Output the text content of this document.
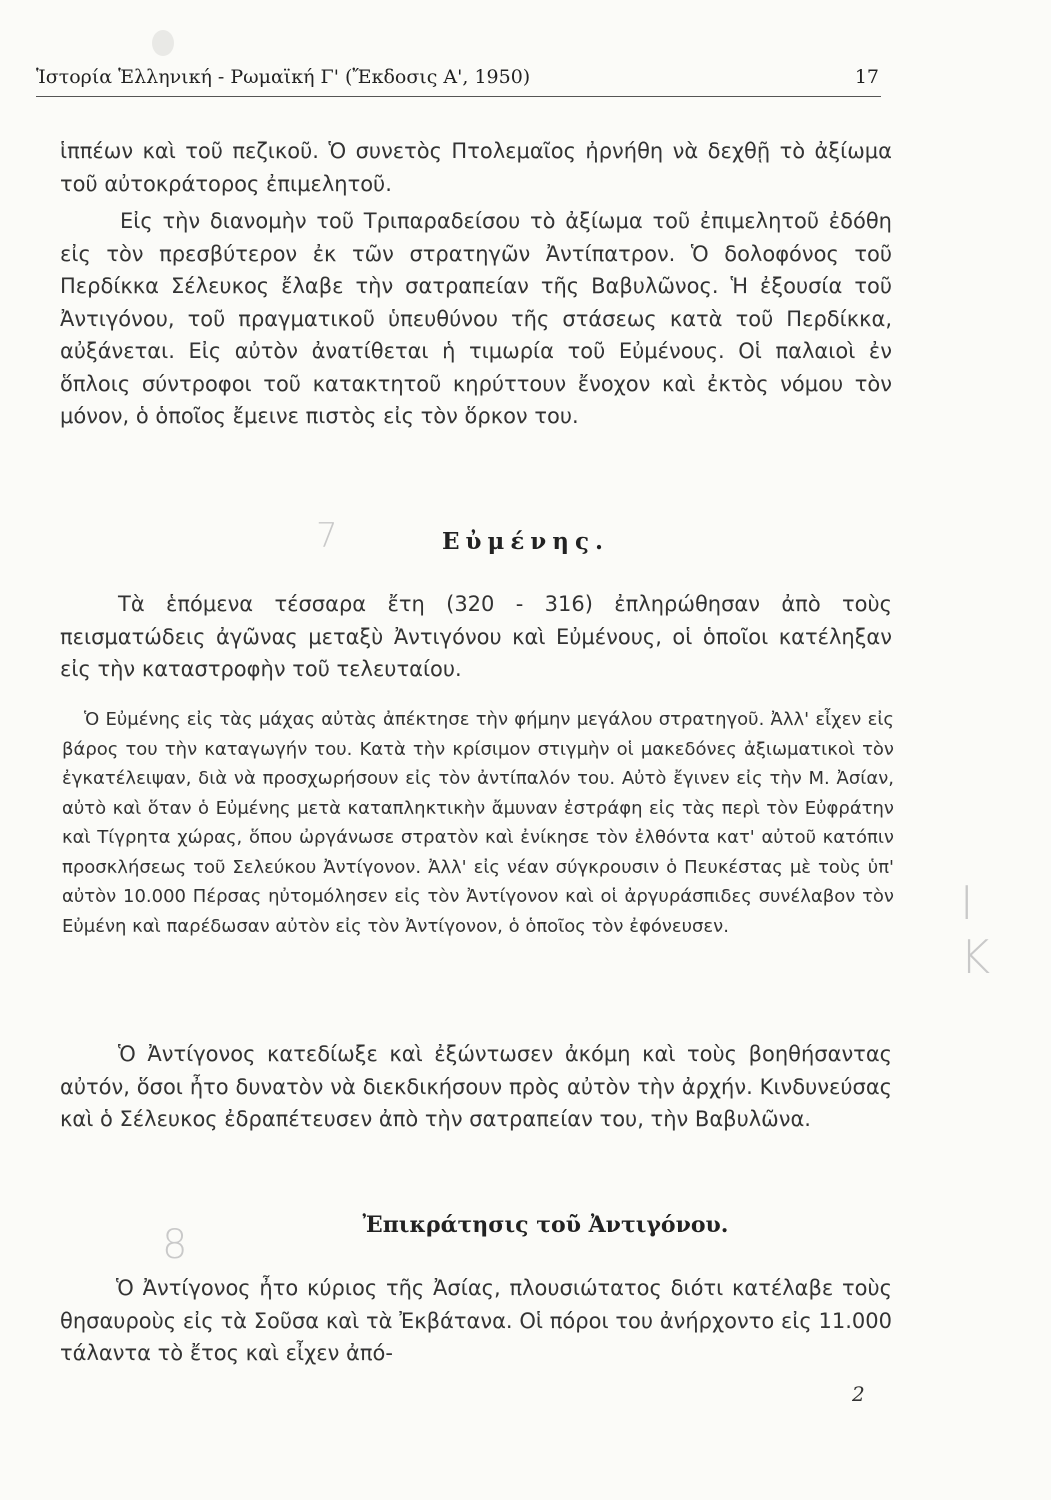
Ἱστορία Ἑλληνική - Ρωμαϊκή Γ' (Ἔκδοσις Α', 1950)	17

ἱππέων καὶ τοῦ πεζικοῦ. Ὁ συνετὸς Πτολεμαῖος ἠρνήθη νὰ δεχθῇ τὸ ἀξίωμα τοῦ αὐτοκράτορος ἐπιμελητοῦ.

Εἰς τὴν διανομὴν τοῦ Τριπαραδείσου τὸ ἀξίωμα τοῦ ἐπιμελητοῦ ἐδόθη εἰς τὸν πρεσβύτερον ἐκ τῶν στρατηγῶν Ἀντίπατρον. Ὁ δολοφόνος τοῦ Περδίκκα Σέλευκος ἔλαβε τὴν σατραπείαν τῆς Βαβυλῶνος. Ἡ ἐξουσία τοῦ Ἀντιγόνου, τοῦ πραγματικοῦ ὑπευθύνου τῆς στάσεως κατὰ τοῦ Περδίκκα, αὐξάνεται. Εἰς αὐτὸν ἀνατίθεται ἡ τιμωρία τοῦ Εὐμένους. Οἱ παλαιοὶ ἐν ὅπλοις σύντροφοι τοῦ κατακτητοῦ κηρύττουν ἔνοχον καὶ ἐκτὸς νόμου τὸν μόνον, ὁ ὁποῖος ἔμεινε πιστὸς εἰς τὸν ὅρκον του.

7	Εὐμένης.

Τὰ ἑπόμενα τέσσαρα ἔτη (320 - 316) ἐπληρώθησαν ἀπὸ τοὺς πεισματώδεις ἀγῶνας μεταξὺ Ἀντιγόνου καὶ Εὐμένους, οἱ ὁποῖοι κατέληξαν εἰς τὴν καταστροφὴν τοῦ τελευταίου.

Ὁ Εὐμένης εἰς τὰς μάχας αὐτὰς ἀπέκτησε τὴν φήμην μεγάλου στρατηγοῦ. Ἀλλ' εἶχεν εἰς βάρος του τὴν καταγωγήν του. Κατὰ τὴν κρίσιμον στιγμὴν οἱ μακεδόνες ἀξιωματικοὶ τὸν ἐγκατέλειψαν, διὰ νὰ προσχωρήσουν εἰς τὸν ἀντίπαλόν του. Αὐτὸ ἔγινεν εἰς τὴν Μ. Ἀσίαν, αὐτὸ καὶ ὅταν ὁ Εὐμένης μετὰ καταπληκτικὴν ἄμυναν ἐστράφη εἰς τὰς περὶ τὸν Εὐφράτην καὶ Τίγρητα χώρας, ὅπου ὠργάνωσε στρατὸν καὶ ἐνίκησε τὸν ἐλθόντα κατ' αὐτοῦ κατόπιν προσκλήσεως τοῦ Σελεύκου Ἀντίγονον. Ἀλλ' εἰς νέαν σύγκρουσιν ὁ Πευκέστας μὲ τοὺς ὑπ' αὐτὸν 10.000 Πέρσας ηὐτομόλησεν εἰς τὸν Ἀντίγονον καὶ οἱ ἀργυράσπιδες συνέλαβον τὸν Εὐμένη καὶ παρέδωσαν αὐτὸν εἰς τὸν Ἀντίγονον, ὁ ὁποῖος τὸν ἐφόνευσεν.	I K

Ὁ Ἀντίγονος κατεδίωξε καὶ ἐξώντωσεν ἀκόμη καὶ τοὺς βοηθήσαντας αὐτόν, ὅσοι ἦτο δυνατὸν νὰ διεκδικήσουν πρὸς αὐτὸν τὴν ἀρχήν. Κινδυνεύσας καὶ ὁ Σέλευκος ἐδραπέτευσεν ἀπὸ τὴν σατραπείαν του, τὴν Βαβυλῶνα.

8	Ἐπικράτησις τοῦ Ἀντιγόνου.

Ὁ Ἀντίγονος ἦτο κύριος τῆς Ἀσίας, πλουσιώτατος διότι κατέλαβε τοὺς θησαυροὺς εἰς τὰ Σοῦσα καὶ τὰ Ἐκβάτανα. Οἱ πόροι του ἀνήρχοντο εἰς 11.000 τάλαντα τὸ ἔτος καὶ εἶχεν ἀπό-

2
